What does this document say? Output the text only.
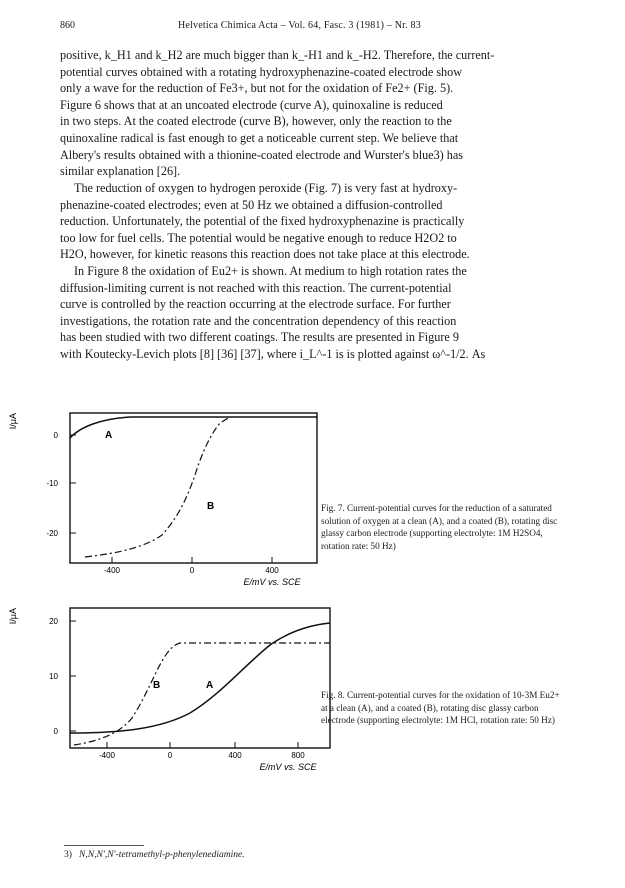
860	Helvetica Chimica Acta – Vol. 64, Fasc. 3 (1981) – Nr. 83
positive, k_H1 and k_H2 are much bigger than k_-H1 and k_-H2. Therefore, the current-
potential curves obtained with a rotating hydroxyphenazine-coated electrode show
only a wave for the reduction of Fe3+, but not for the oxidation of Fe2+ (Fig. 5).
Figure 6 shows that at an uncoated electrode (curve A), quinoxaline is reduced
in two steps. At the coated electrode (curve B), however, only the reaction to the
quinoxaline radical is fast enough to get a noticeable current step. We believe that
Albery's results obtained with a thionine-coated electrode and Wurster's blue3) has
similar explanation [26].
The reduction of oxygen to hydrogen peroxide (Fig. 7) is very fast at hydroxy-
phenazine-coated electrodes; even at 50 Hz we obtained a diffusion-controlled
reduction. Unfortunately, the potential of the fixed hydroxyphenazine is practically
too low for fuel cells. The potential would be negative enough to reduce H2O2 to
H2O, however, for kinetic reasons this reaction does not take place at this electrode.
In Figure 8 the oxidation of Eu2+ is shown. At medium to high rotation rates the
diffusion-limiting current is not reached with this reaction. The current-potential
curve is controlled by the reaction occurring at the electrode surface. For further
investigations, the rotation rate and the concentration dependency of this reaction
has been studied with two different coatings. The results are presented in Figure 9
with Koutecky-Levich plots [8] [36] [37], where i_L^-1 is is plotted against ω^-1/2. As
0
-10
-20
I/μA
-400	0	400
E/mV vs. SCE
A
B	Fig. 7. Current-potential curves for the reduction of a saturated solution of oxygen at a clean (A), and a coated (B), rotating disc glassy carbon electrode (supporting electrolyte: 1M H2SO4, rotation rate: 50 Hz)
20
10
0
I/μA
-400	0	400	800
E/mV vs. SCE
B	A
Fig. 8. Current-potential curves for the oxidation of 10-3M Eu2+ at a clean (A), and a coated (B), rotating disc glassy carbon electrode (supporting electrolyte: 1M HCl, rotation rate: 50 Hz)
3) N,N,N',N'-tetramethyl-p-phenylenediamine.
